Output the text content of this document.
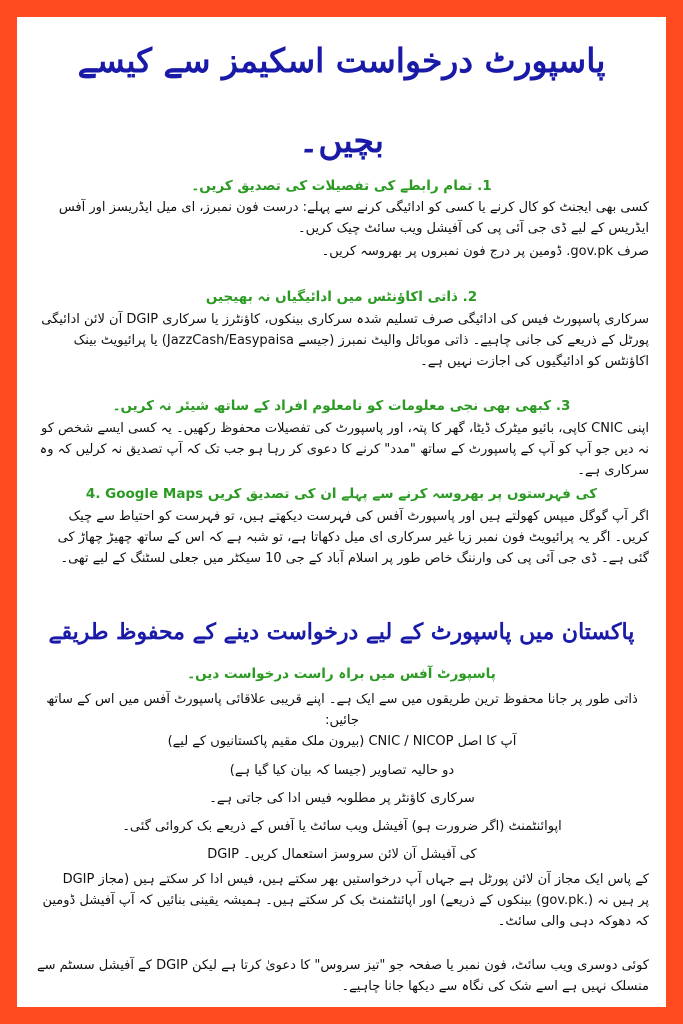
پاسپورٹ درخواست اسکیمز سے کیسے
بچیں۔
1. تمام رابطے کی تفصیلات کی تصدیق کریں۔
کسی بھی ایجنٹ کو کال کرنے یا کسی کو ادائیگی کرنے سے پہلے: درست فون نمبرز، ای میل ایڈریسز اور آفس ایڈریس کے لیے ڈی جی آئی پی کی آفیشل ویب سائٹ چیک کریں۔
صرف gov.pk. ڈومین پر درج فون نمبروں پر بھروسہ کریں۔
2. ذاتی اکاؤنٹس میں ادائیگیاں نہ بھیجیں
سرکاری پاسپورٹ فیس کی ادائیگی صرف تسلیم شدہ سرکاری بینکوں، کاؤنٹرز یا سرکاری DGIP آن لائن ادائیگی پورٹل کے ذریعے کی جانی چاہیے۔ ذاتی موبائل والیٹ نمبرز (جیسے JazzCash/Easypaisa) یا پرائیویٹ بینک اکاؤنٹس کو ادائیگیوں کی اجازت نہیں ہے۔
3. کبھی بھی نجی معلومات کو نامعلوم افراد کے ساتھ شیئر نہ کریں۔
اپنی CNIC کاپی، بائیو میٹرک ڈیٹا، گھر کا پتہ، اور پاسپورٹ کی تفصیلات محفوظ رکھیں۔ یہ کسی ایسے شخص کو نہ دیں جو آپ کو آپ کے پاسپورٹ کے ساتھ "مدد" کرنے کا دعوی کر رہا ہو جب تک کہ آپ تصدیق نہ کرلیں کہ وہ سرکاری ہے۔
4. Google Maps کی فہرستوں پر بھروسہ کرنے سے پہلے ان کی تصدیق کریں
اگر آپ گوگل میپس کھولتے ہیں اور پاسپورٹ آفس کی فہرست دیکھتے ہیں، تو فہرست کو احتیاط سے چیک کریں۔ اگر یہ پرائیویٹ فون نمبر زیا غیر سرکاری ای میل دکھاتا ہے، تو شبہ ہے کہ اس کے ساتھ چھیڑ چھاڑ کی گئی ہے۔ ڈی جی آئی پی کی وارننگ خاص طور پر اسلام آباد کے جی 10 سیکٹر میں جعلی لسٹنگ کے لیے تھی۔
پاکستان میں پاسپورٹ کے لیے درخواست دینے کے محفوظ طریقے
پاسپورٹ آفس میں براہ راست درخواست دیں۔
ذاتی طور پر جانا محفوظ ترین طریقوں میں سے ایک ہے۔ اپنے قریبی علاقائی پاسپورٹ آفس میں اس کے ساتھ جائیں:
آپ کا اصل CNIC / NICOP (بیرون ملک مقیم پاکستانیوں کے لیے)
دو حالیہ تصاویر (جیسا کہ بیان کیا گیا ہے)
سرکاری کاؤنٹر پر مطلوبہ فیس ادا کی جاتی ہے۔
اپوائنٹمنٹ (اگر ضرورت ہو) آفیشل ویب سائٹ یا آفس کے ذریعے بک کروائی گئی۔
DGIP کی آفیشل آن لائن سروسز استعمال کریں۔
DGIP کے پاس ایک مجاز آن لائن پورٹل ہے جہاں آپ درخواستیں بھر سکتے ہیں، فیس ادا کر سکتے ہیں (مجاز بینکوں کے ذریعے) اور اپائنٹمنٹ بک کر سکتے ہیں۔ ہمیشہ یقینی بنائیں کہ آپ آفیشل ڈومین (gov.pk.) پر ہیں نہ کہ دھوکہ دہی والی سائٹ۔
کوئی دوسری ویب سائٹ، فون نمبر یا صفحہ جو "تیز سروس" کا دعویٰ کرتا ہے لیکن DGIP کے آفیشل سسٹم سے منسلک نہیں ہے اسے شک کی نگاہ سے دیکھا جانا چاہیے۔
